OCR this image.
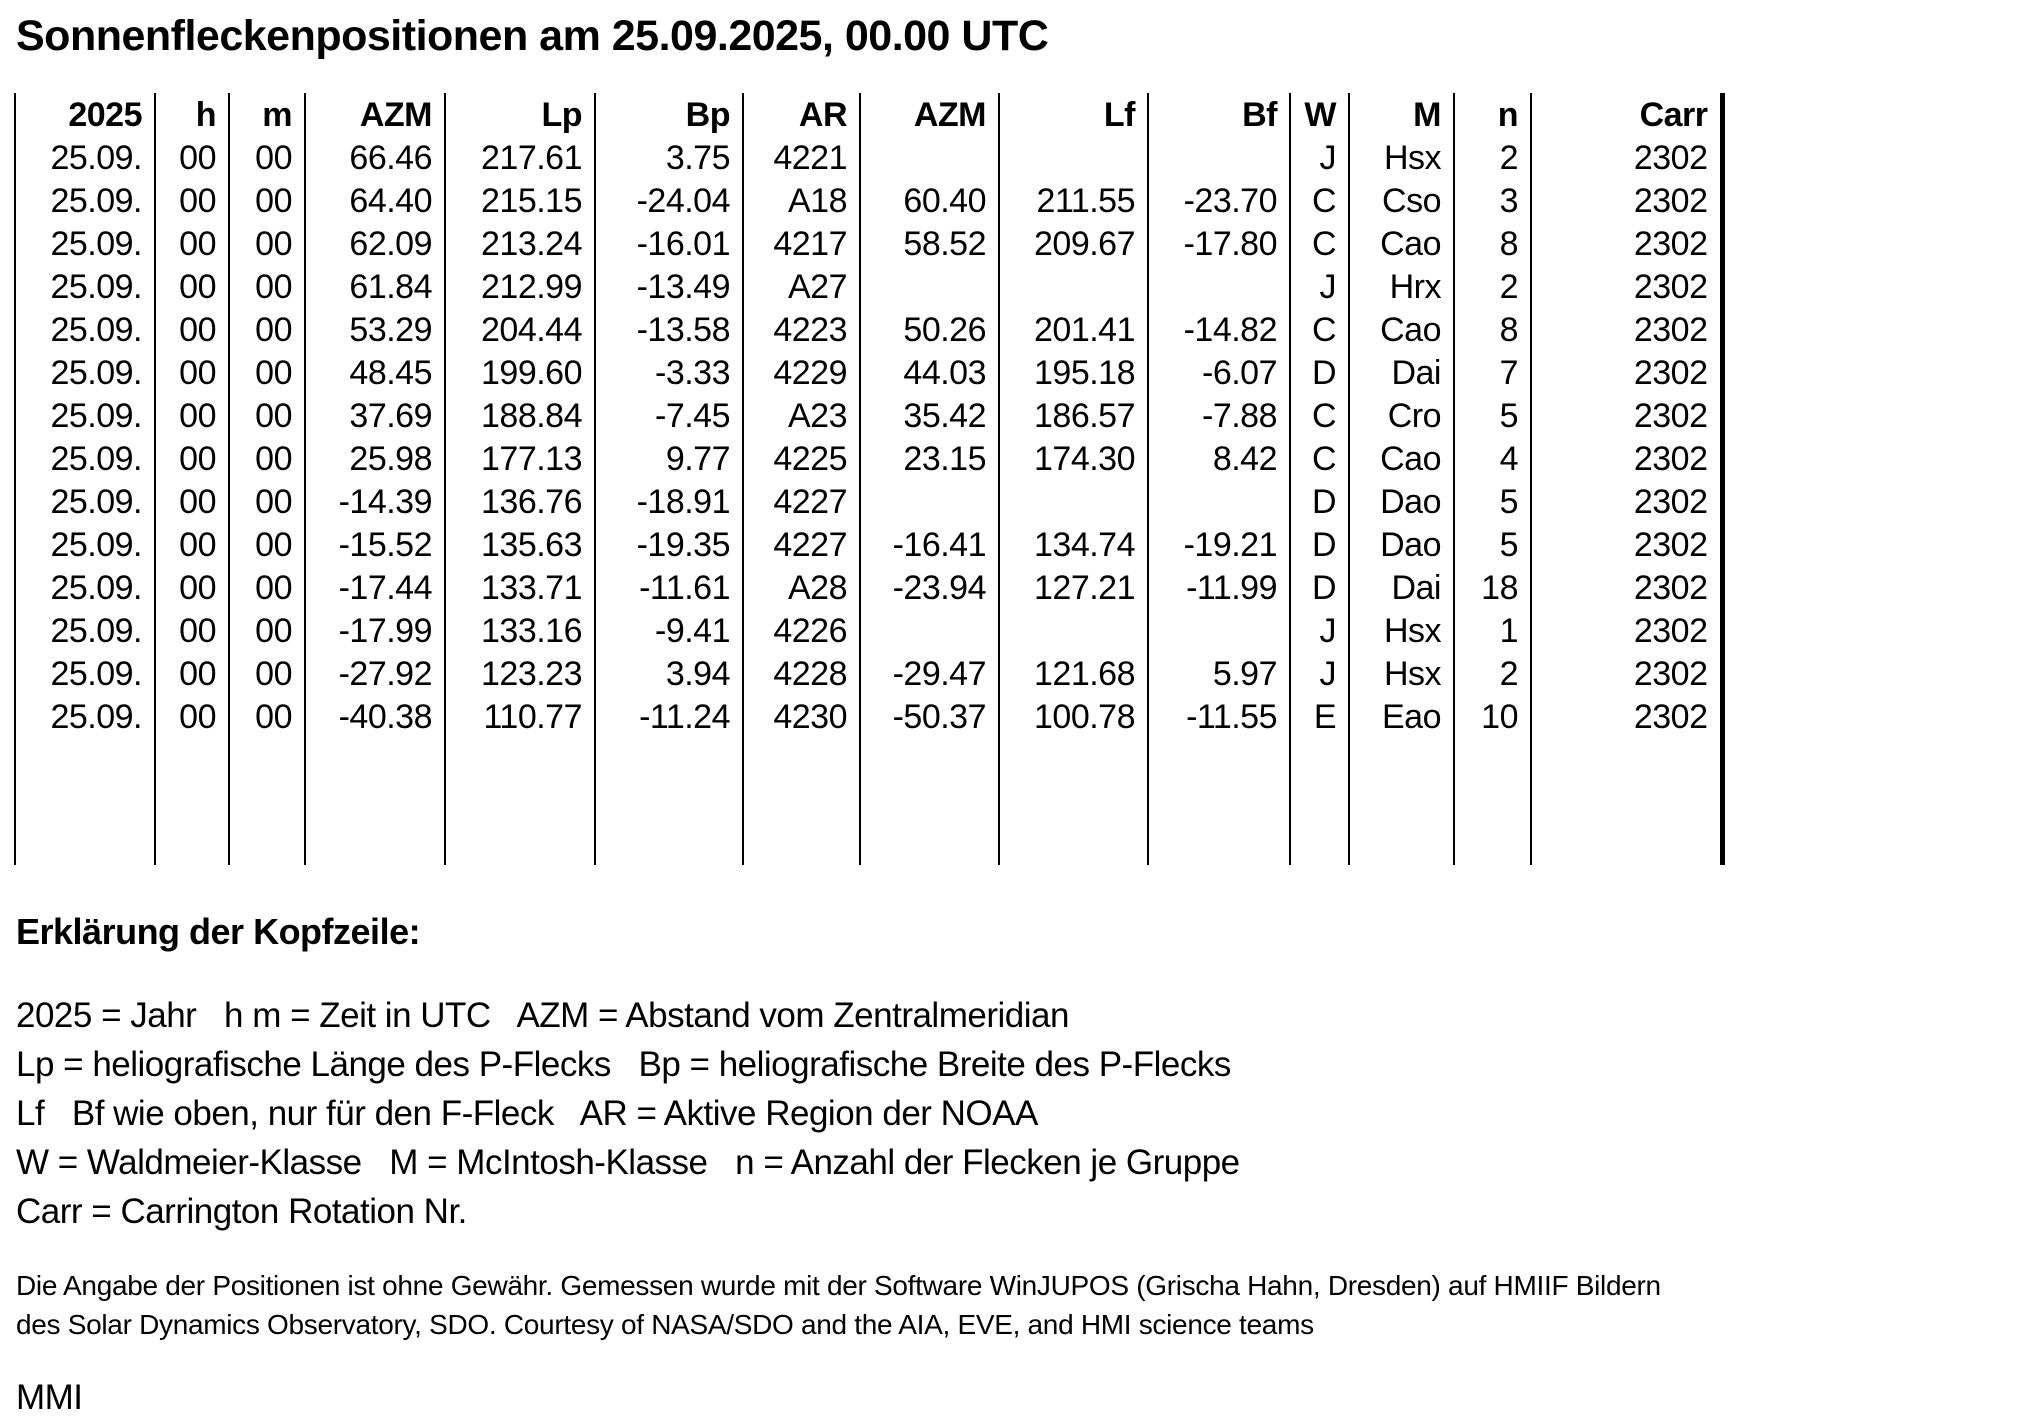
Sonnenfleckenpositionen am 25.09.2025, 00.00 UTC
2025	h	m	AZM	Lp	Bp	AR	AZM	Lf	Bf	W	M	n	Carr
25.09.	00	00	66.46	217.61	3.75	4221				J	Hsx	2	2302
25.09.	00	00	64.40	215.15	-24.04	A18	60.40	211.55	-23.70	C	Cso	3	2302
25.09.	00	00	62.09	213.24	-16.01	4217	58.52	209.67	-17.80	C	Cao	8	2302
25.09.	00	00	61.84	212.99	-13.49	A27				J	Hrx	2	2302
25.09.	00	00	53.29	204.44	-13.58	4223	50.26	201.41	-14.82	C	Cao	8	2302
25.09.	00	00	48.45	199.60	-3.33	4229	44.03	195.18	-6.07	D	Dai	7	2302
25.09.	00	00	37.69	188.84	-7.45	A23	35.42	186.57	-7.88	C	Cro	5	2302
25.09.	00	00	25.98	177.13	9.77	4225	23.15	174.30	8.42	C	Cao	4	2302
25.09.	00	00	-14.39	136.76	-18.91	4227				D	Dao	5	2302
25.09.	00	00	-15.52	135.63	-19.35	4227	-16.41	134.74	-19.21	D	Dao	5	2302
25.09.	00	00	-17.44	133.71	-11.61	A28	-23.94	127.21	-11.99	D	Dai	18	2302
25.09.	00	00	-17.99	133.16	-9.41	4226				J	Hsx	1	2302
25.09.	00	00	-27.92	123.23	3.94	4228	-29.47	121.68	5.97	J	Hsx	2	2302
25.09.	00	00	-40.38	110.77	-11.24	4230	-50.37	100.78	-11.55	E	Eao	10	2302

Erklärung der Kopfzeile:
2025 = Jahr   h m = Zeit in UTC   AZM = Abstand vom Zentralmeridian
Lp = heliografische Länge des P-Flecks   Bp = heliografische Breite des P-Flecks
Lf   Bf wie oben, nur für den F-Fleck   AR = Aktive Region der NOAA
W = Waldmeier-Klasse   M = McIntosh-Klasse   n = Anzahl der Flecken je Gruppe
Carr = Carrington Rotation Nr.
Die Angabe der Positionen ist ohne Gewähr. Gemessen wurde mit der Software WinJUPOS (Grischa Hahn, Dresden) auf HMIIF Bildern
des Solar Dynamics Observatory, SDO. Courtesy of NASA/SDO and the AIA, EVE, and HMI science teams
MMI
